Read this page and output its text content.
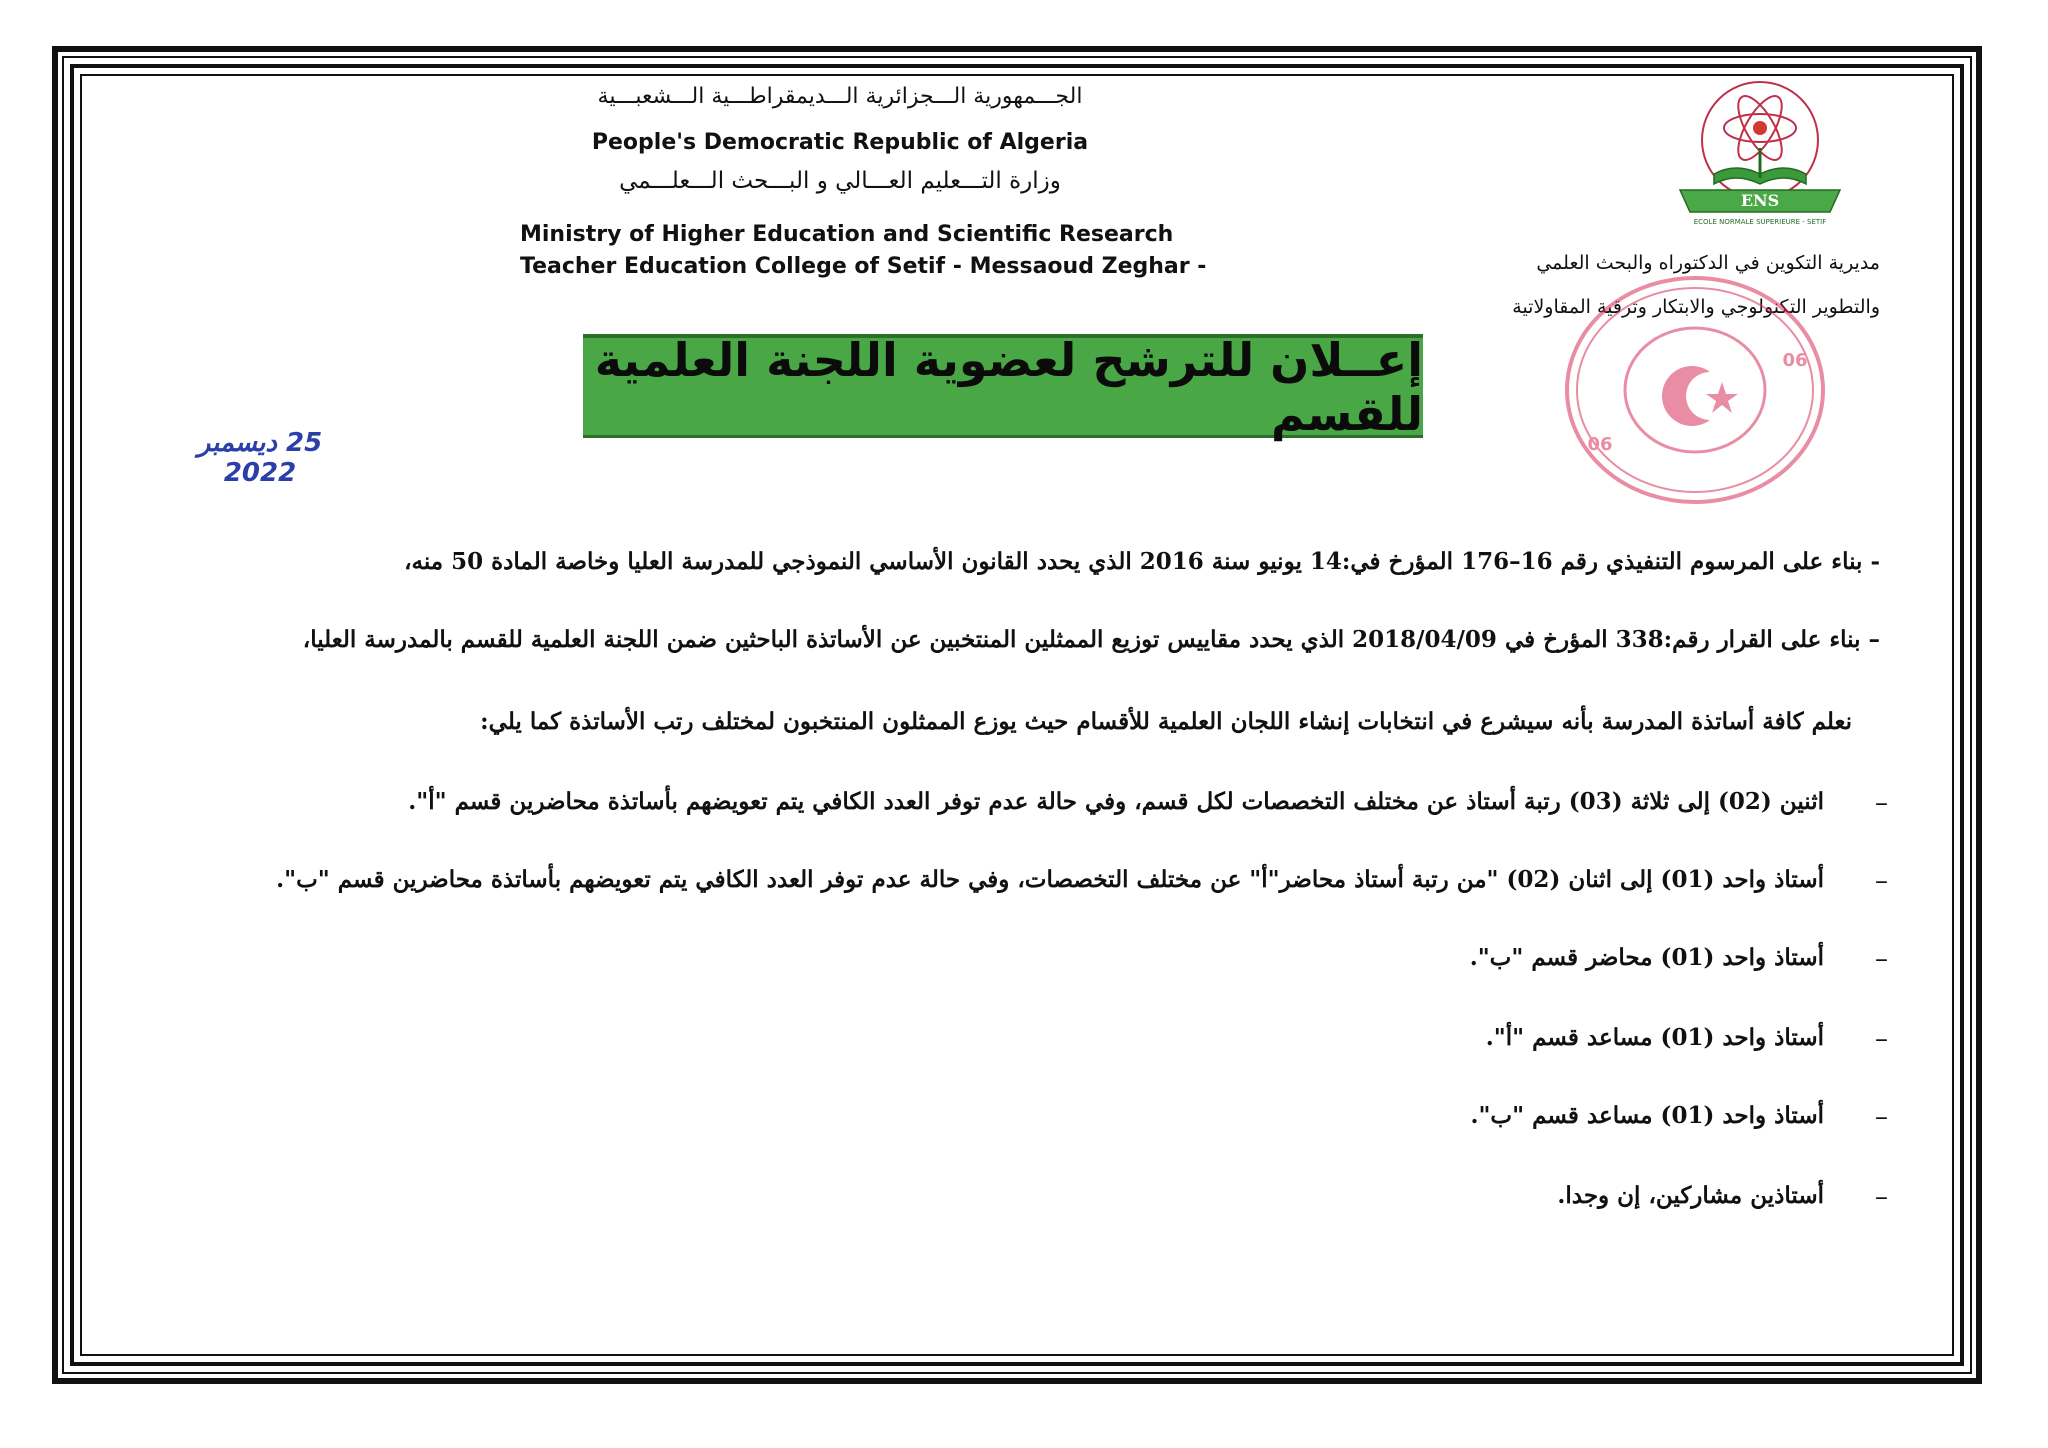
الجـــمهورية الـــجزائرية الـــديمقراطـــية الـــشعبـــية
People's Democratic Republic of Algeria
وزارة التـــعليم العـــالي و البـــحث الـــعلـــمي
Ministry of Higher Education and Scientific Research
Teacher Education College of Setif - Messaoud Zeghar -
ENS
ECOLE NORMALE SUPERIEURE - SETIF
مديرية التكوين في الدكتوراه والبحث العلمي
والتطوير التكنولوجي والابتكار وترقية المقاولاتية
06
06
إعــلان للترشح لعضوية اللجنة العلمية للقسم
25 ديسمبر 2022
- بناء على المرسوم التنفيذي رقم 16–176 المؤرخ في:14 يونيو سنة 2016 الذي يحدد القانون الأساسي النموذجي للمدرسة العليا وخاصة المادة 50 منه،
– بناء على القرار رقم:338 المؤرخ في 2018/04/09 الذي يحدد مقاييس توزيع الممثلين المنتخبين عن الأساتذة الباحثين ضمن اللجنة العلمية للقسم بالمدرسة العليا،
نعلم كافة أساتذة المدرسة بأنه سيشرع في انتخابات إنشاء اللجان العلمية للأقسام حيث يوزع الممثلون المنتخبون لمختلف رتب الأساتذة كما يلي:
–
اثنين (02) إلى ثلاثة (03) رتبة أستاذ عن مختلف التخصصات لكل قسم، وفي حالة عدم توفر العدد الكافي يتم تعويضهم بأساتذة محاضرين قسم "أ".
–
أستاذ واحد (01) إلى اثنان (02) "من رتبة أستاذ محاضر"أ" عن مختلف التخصصات، وفي حالة عدم توفر العدد الكافي يتم تعويضهم بأساتذة محاضرين قسم "ب".
–
أستاذ واحد (01) محاضر قسم "ب".
–
أستاذ واحد (01) مساعد قسم "أ".
–
أستاذ واحد (01) مساعد قسم "ب".
–
أستاذين مشاركين، إن وجدا.
